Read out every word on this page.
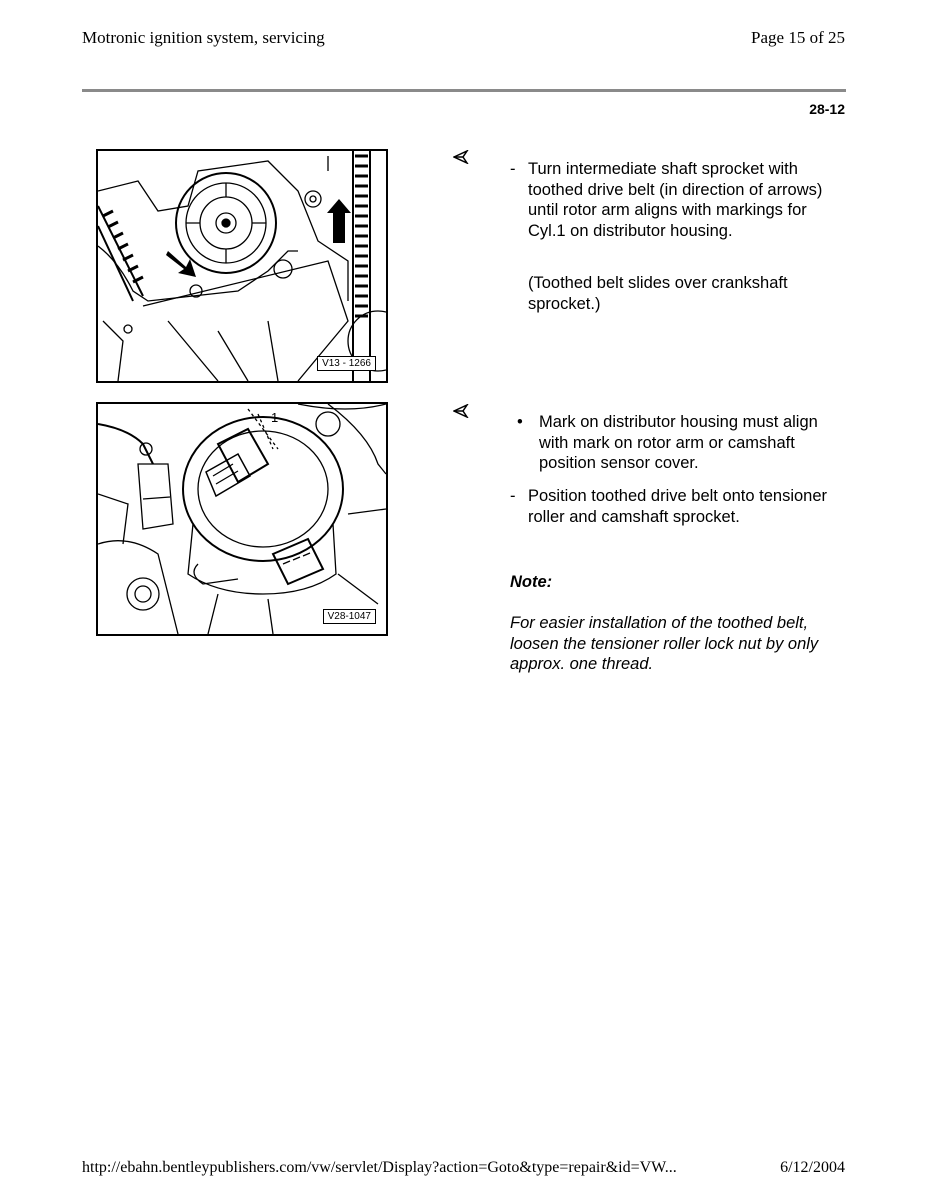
Motronic ignition system, servicing	Page 15 of 25
28-12
V13 - 1266
- Turn intermediate shaft sprocket with toothed drive belt (in direction of arrows) until rotor arm aligns with markings for Cyl.1 on distributor housing.
(Toothed belt slides over crankshaft sprocket.)
1
V28-1047
• Mark on distributor housing must align with mark on rotor arm or camshaft position sensor cover.
- Position toothed drive belt onto tensioner roller and camshaft sprocket.
Note:
For easier installation of the toothed belt, loosen the tensioner roller lock nut by only approx. one thread.
http://ebahn.bentleypublishers.com/vw/servlet/Display?action=Goto&type=repair&id=VW...	6/12/2004
